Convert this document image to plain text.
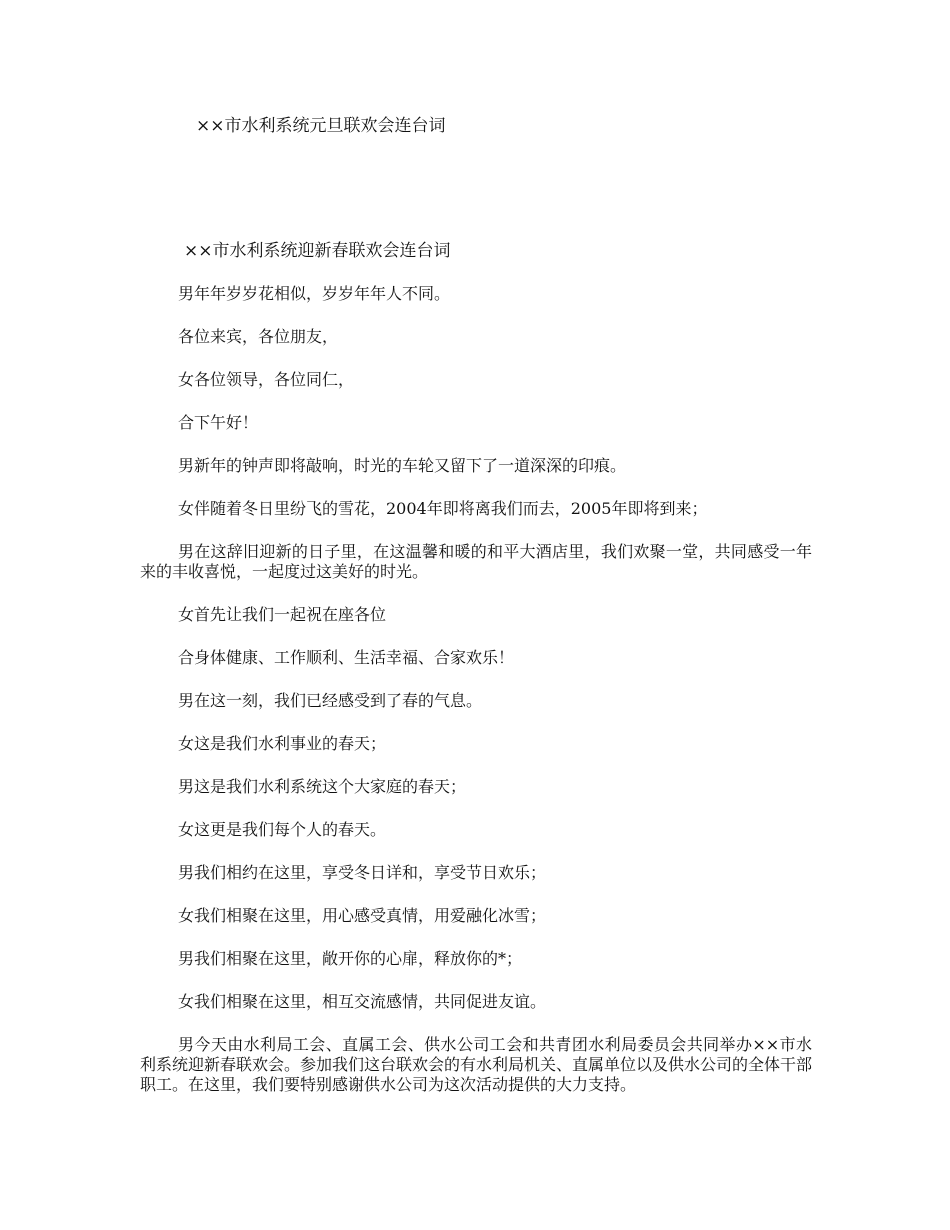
××市水利系统元旦联欢会连台词
××市水利系统迎新春联欢会连台词

男年年岁岁花相似，岁岁年年人不同。

各位来宾，各位朋友，

女各位领导，各位同仁，

合下午好！

男新年的钟声即将敲响，时光的车轮又留下了一道深深的印痕。

女伴随着冬日里纷飞的雪花，2004年即将离我们而去，2005年即将到来；

男在这辞旧迎新的日子里，在这温馨和暖的和平大酒店里，我们欢聚一堂，共同感受一年来的丰收喜悦，一起度过这美好的时光。

女首先让我们一起祝在座各位

合身体健康、工作顺利、生活幸福、合家欢乐！

男在这一刻，我们已经感受到了春的气息。

女这是我们水利事业的春天；

男这是我们水利系统这个大家庭的春天；

女这更是我们每个人的春天。

男我们相约在这里，享受冬日详和，享受节日欢乐；

女我们相聚在这里，用心感受真情，用爱融化冰雪；

男我们相聚在这里，敞开你的心扉，释放你的*；

女我们相聚在这里，相互交流感情，共同促进友谊。

男今天由水利局工会、直属工会、供水公司工会和共青团水利局委员会共同举办××市水利系统迎新春联欢会。参加我们这台联欢会的有水利局机关、直属单位以及供水公司的全体干部职工。在这里，我们要特别感谢供水公司为这次活动提供的大力支持。
